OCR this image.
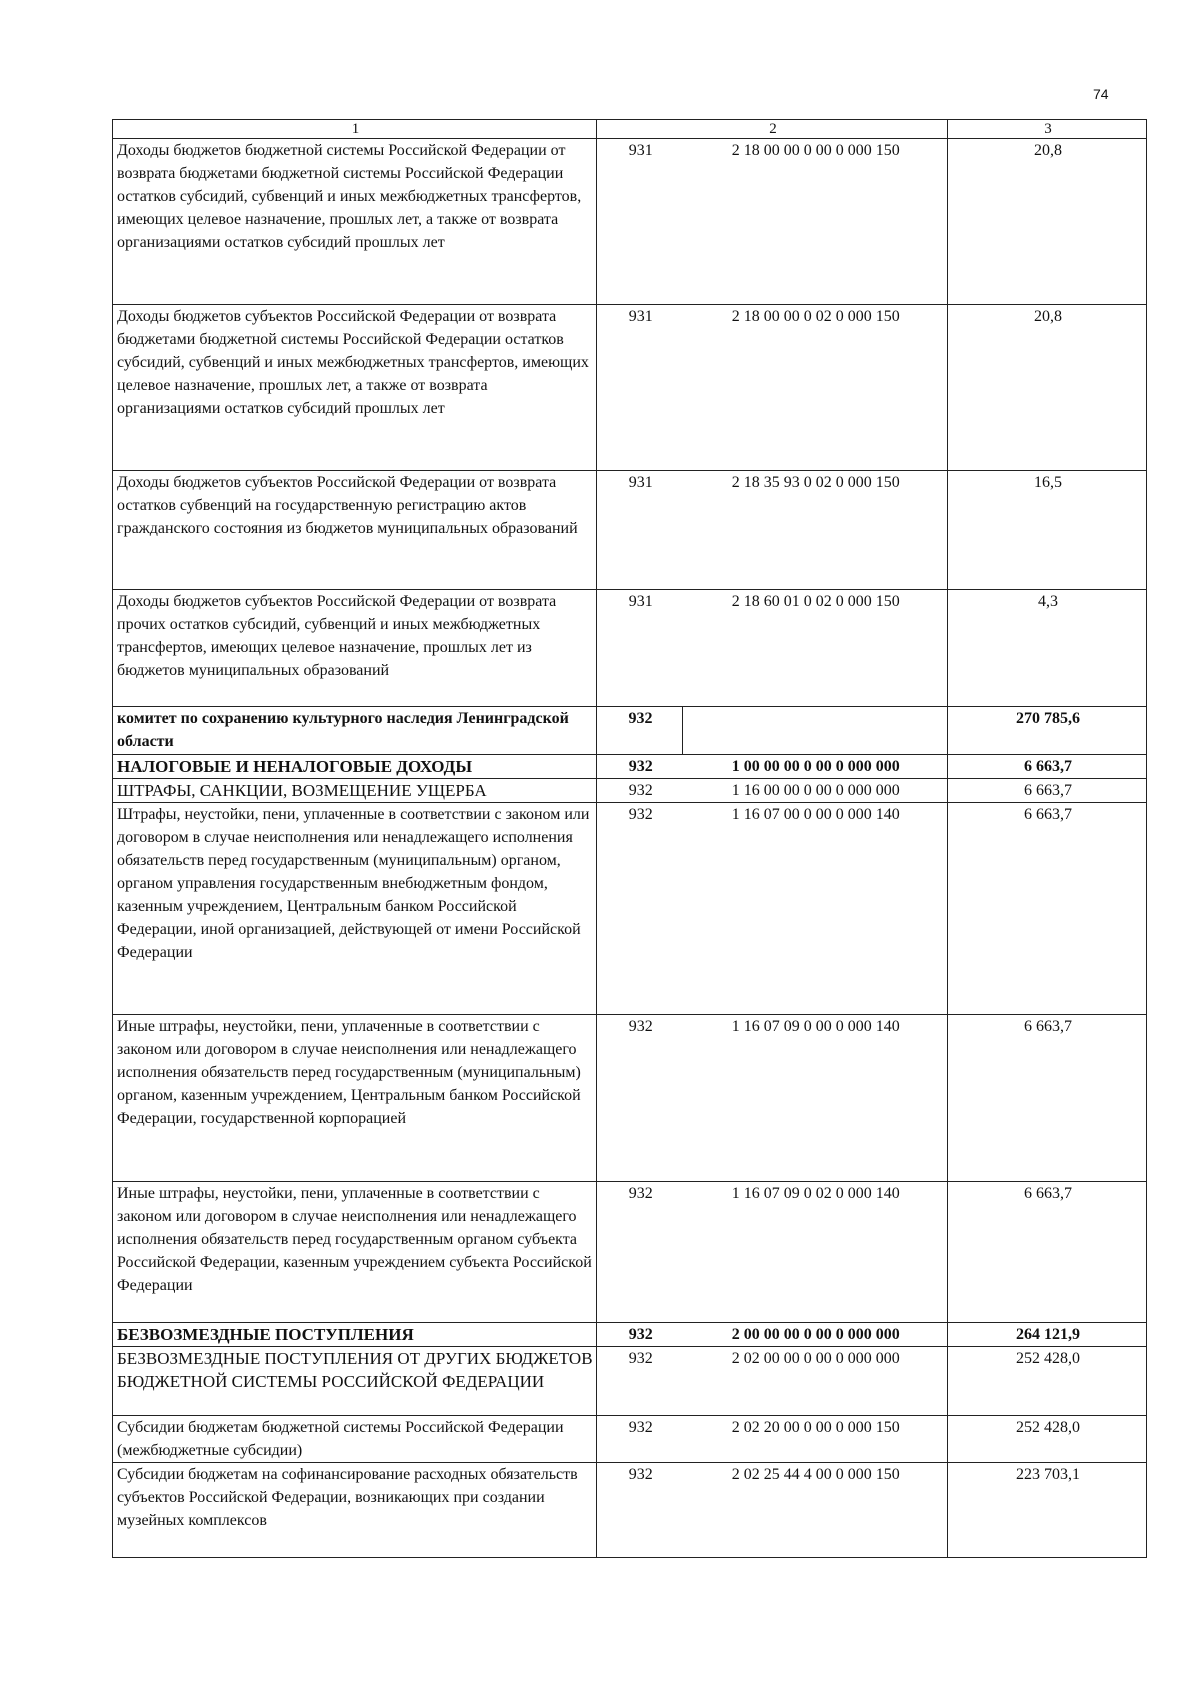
74
1	2		3
Доходы бюджетов бюджетной системы Российской Федерации от возврата бюджетами бюджетной системы Российской Федерации остатков субсидий, субвенций и иных межбюджетных трансфертов, имеющих целевое назначение, прошлых лет, а также от возврата организациями остатков субсидий прошлых лет	931	2 18 00 00 0 00 0 000 150	20,8
Доходы бюджетов субъектов Российской Федерации от возврата бюджетами бюджетной системы Российской Федерации остатков субсидий, субвенций и иных межбюджетных трансфертов, имеющих целевое назначение, прошлых лет, а также от возврата организациями остатков субсидий прошлых лет	931	2 18 00 00 0 02 0 000 150	20,8
Доходы бюджетов субъектов Российской Федерации от возврата остатков субвенций на государственную регистрацию актов гражданского состояния из бюджетов муниципальных образований	931	2 18 35 93 0 02 0 000 150	16,5
Доходы бюджетов субъектов Российской Федерации от возврата прочих остатков субсидий, субвенций и иных межбюджетных трансфертов, имеющих целевое назначение, прошлых лет из бюджетов муниципальных образований	931	2 18 60 01 0 02 0 000 150	4,3
комитет по сохранению культурного наследия Ленинградской области	932		270 785,6
НАЛОГОВЫЕ И НЕНАЛОГОВЫЕ ДОХОДЫ	932	1 00 00 00 0 00 0 000 000	6 663,7
ШТРАФЫ, САНКЦИИ, ВОЗМЕЩЕНИЕ УЩЕРБА	932	1 16 00 00 0 00 0 000 000	6 663,7
Штрафы, неустойки, пени, уплаченные в соответствии с законом или договором в случае неисполнения или ненадлежащего исполнения обязательств перед государственным (муниципальным) органом, органом управления государственным внебюджетным фондом, казенным учреждением, Центральным банком Российской Федерации, иной организацией, действующей от имени Российской Федерации	932	1 16 07 00 0 00 0 000 140	6 663,7
Иные штрафы, неустойки, пени, уплаченные в соответствии с законом или договором в случае неисполнения или ненадлежащего исполнения обязательств перед государственным (муниципальным) органом, казенным учреждением, Центральным банком Российской Федерации, государственной корпорацией	932	1 16 07 09 0 00 0 000 140	6 663,7
Иные штрафы, неустойки, пени, уплаченные в соответствии с законом или договором в случае неисполнения или ненадлежащего исполнения обязательств перед государственным органом субъекта Российской Федерации, казенным учреждением субъекта Российской Федерации	932	1 16 07 09 0 02 0 000 140	6 663,7
БЕЗВОЗМЕЗДНЫЕ ПОСТУПЛЕНИЯ	932	2 00 00 00 0 00 0 000 000	264 121,9
БЕЗВОЗМЕЗДНЫЕ ПОСТУПЛЕНИЯ ОТ ДРУГИХ БЮДЖЕТОВ БЮДЖЕТНОЙ СИСТЕМЫ РОССИЙСКОЙ ФЕДЕРАЦИИ	932	2 02 00 00 0 00 0 000 000	252 428,0
Субсидии бюджетам бюджетной системы Российской Федерации (межбюджетные субсидии)	932	2 02 20 00 0 00 0 000 150	252 428,0
Субсидии бюджетам на софинансирование расходных обязательств субъектов Российской Федерации, возникающих при создании музейных комплексов	932	2 02 25 44 4 00 0 000 150	223 703,1
